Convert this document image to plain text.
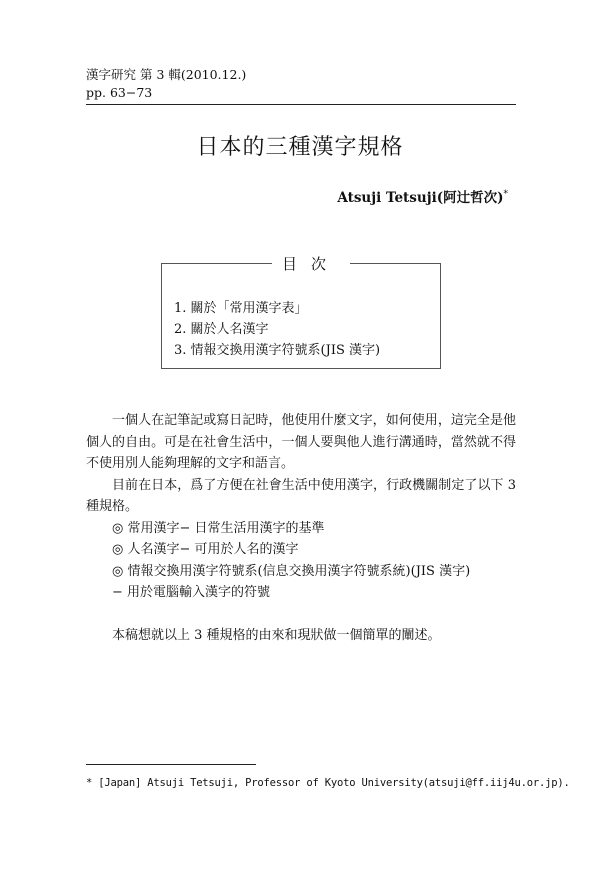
漢字研究 第 3 輯(2010.12.)
pp. 63−73
日本的三種漢字規格
Atsuji Tetsuji(阿辻哲次)*
目次
1. 關於「常用漢字表」
2. 關於人名漢字
3. 情報交換用漢字符號系(JIS 漢字)

一個人在記筆記或寫日記時，他使用什麼文字，如何使用，這完全是他個人的自由。可是在社會生活中，一個人要與他人進行溝通時，當然就不得不使用別人能夠理解的文字和語言。

目前在日本，爲了方便在社會生活中使用漢字，行政機關制定了以下 3 種規格。

◎ 常用漢字− 日常生活用漢字的基準

◎ 人名漢字− 可用於人名的漢字

◎ 情報交換用漢字符號系(信息交換用漢字符號系統)(JIS 漢字)

− 用於電腦輸入漢字的符號

本稿想就以上 3 種規格的由來和現狀做一個簡單的闡述。

* [Japan] Atsuji Tetsuji, Professor of Kyoto University(atsuji@ff.iij4u.or.jp).
